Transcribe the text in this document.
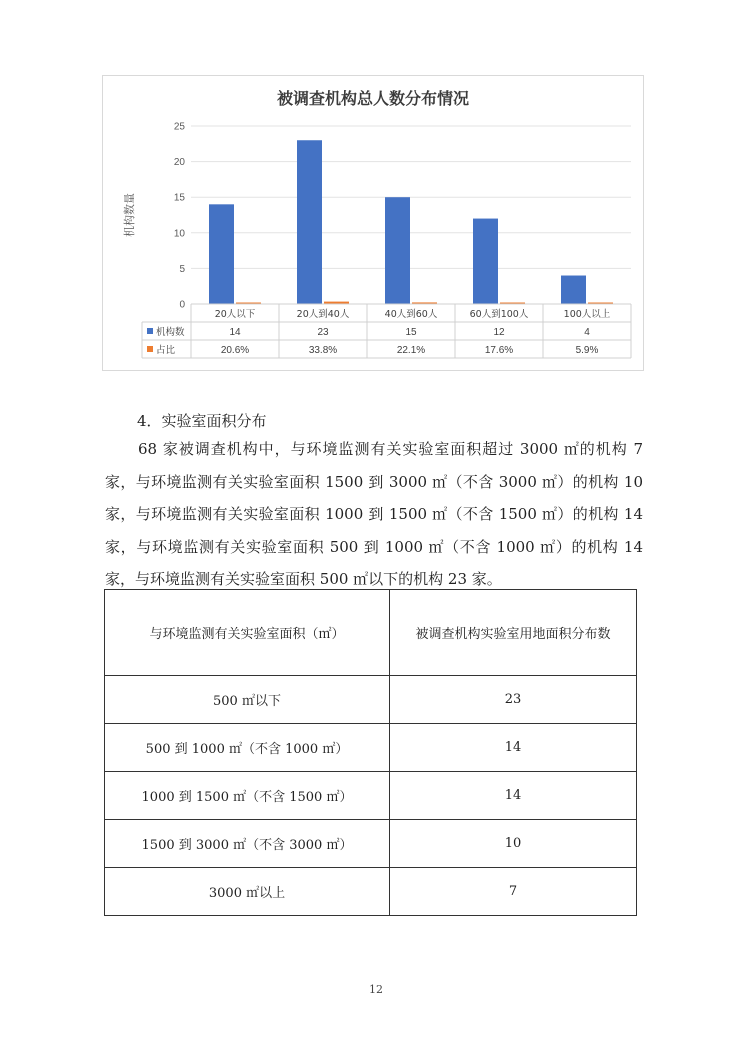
被调查机构总人数分布情况
0
5
10
15
20
25
机构数量
20人以下	20人到40人	40人到60人	60人到100人	100人以上
机构数	14	23	15	12	4
占比	20.6%	33.8%	22.1%	17.6%	5.9%
4．实验室面积分布
68 家被调查机构中，与环境监测有关实验室面积超过 3000 ㎡的机构 7 家，与环境监测有关实验室面积 1500 到 3000 ㎡（不含 3000 ㎡）的机构 10 家，与环境监测有关实验室面积 1000 到 1500 ㎡（不含 1500 ㎡）的机构 14 家，与环境监测有关实验室面积 500 到 1000 ㎡（不含 1000 ㎡）的机构 14 家，与环境监测有关实验室面积 500 ㎡以下的机构 23 家。
与环境监测有关实验室面积（㎡）	被调查机构实验室用地面积分布数
500 ㎡以下	23
500 到 1000 ㎡（不含 1000 ㎡）	14
1000 到 1500 ㎡（不含 1500 ㎡）	14
1500 到 3000 ㎡（不含 3000 ㎡）	10
3000 ㎡以上	7
12
